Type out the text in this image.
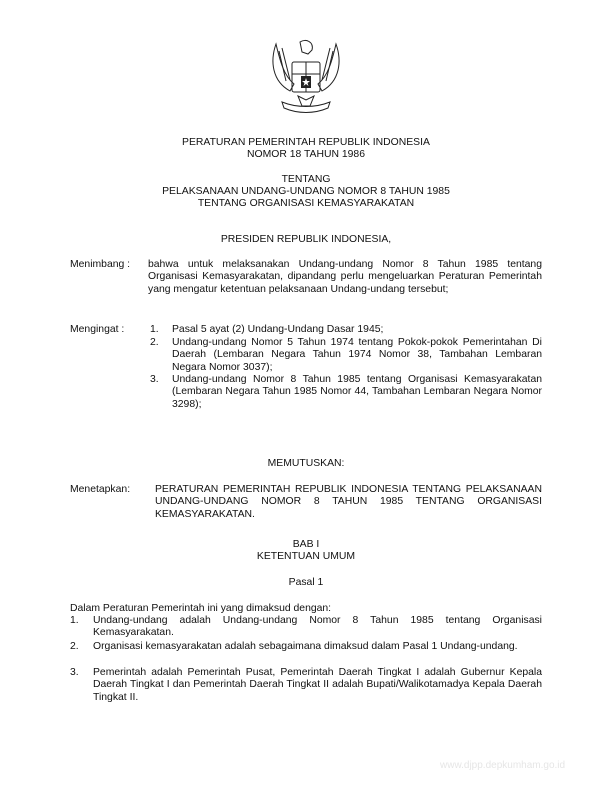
PERATURAN PEMERINTAH REPUBLIK INDONESIA
NOMOR 18 TAHUN 1986
TENTANG
PELAKSANAAN UNDANG-UNDANG NOMOR 8 TAHUN 1985
TENTANG ORGANISASI KEMASYARAKATAN
PRESIDEN REPUBLIK INDONESIA,
Menimbang : bahwa untuk melaksanakan Undang-undang Nomor 8 Tahun 1985 tentang Organisasi Kemasyarakatan, dipandang perlu mengeluarkan Peraturan Pemerintah yang mengatur ketentuan pelaksanaan Undang-undang tersebut;

Mengingat : 1. Pasal 5 ayat (2) Undang-Undang Dasar 1945;

2. Undang-undang Nomor 5 Tahun 1974 tentang Pokok-pokok Pemerintahan Di Daerah (Lembaran Negara Tahun 1974 Nomor 38, Tambahan Lembaran Negara Nomor 3037);

3. Undang-undang Nomor 8 Tahun 1985 tentang Organisasi Kemasyarakatan (Lembaran Negara Tahun 1985 Nomor 44, Tambahan Lembaran Negara Nomor 3298);

MEMUTUSKAN:
Menetapkan: PERATURAN PEMERINTAH REPUBLIK INDONESIA TENTANG PELAKSANAAN UNDANG-UNDANG NOMOR 8 TAHUN 1985 TENTANG ORGANISASI KEMASYARAKATAN.

BAB I
KETENTUAN UMUM
Pasal 1

Dalam Peraturan Pemerintah ini yang dimaksud dengan:

1. Undang-undang adalah Undang-undang Nomor 8 Tahun 1985 tentang Organisasi Kemasyarakatan.

2. Organisasi kemasyarakatan adalah sebagaimana dimaksud dalam Pasal 1 Undang-undang.

3. Pemerintah adalah Pemerintah Pusat, Pemerintah Daerah Tingkat I adalah Gubernur Kepala Daerah Tingkat I dan Pemerintah Daerah Tingkat II adalah Bupati/Walikotamadya Kepala Daerah Tingkat II.

www.djpp.depkumham.go.id
